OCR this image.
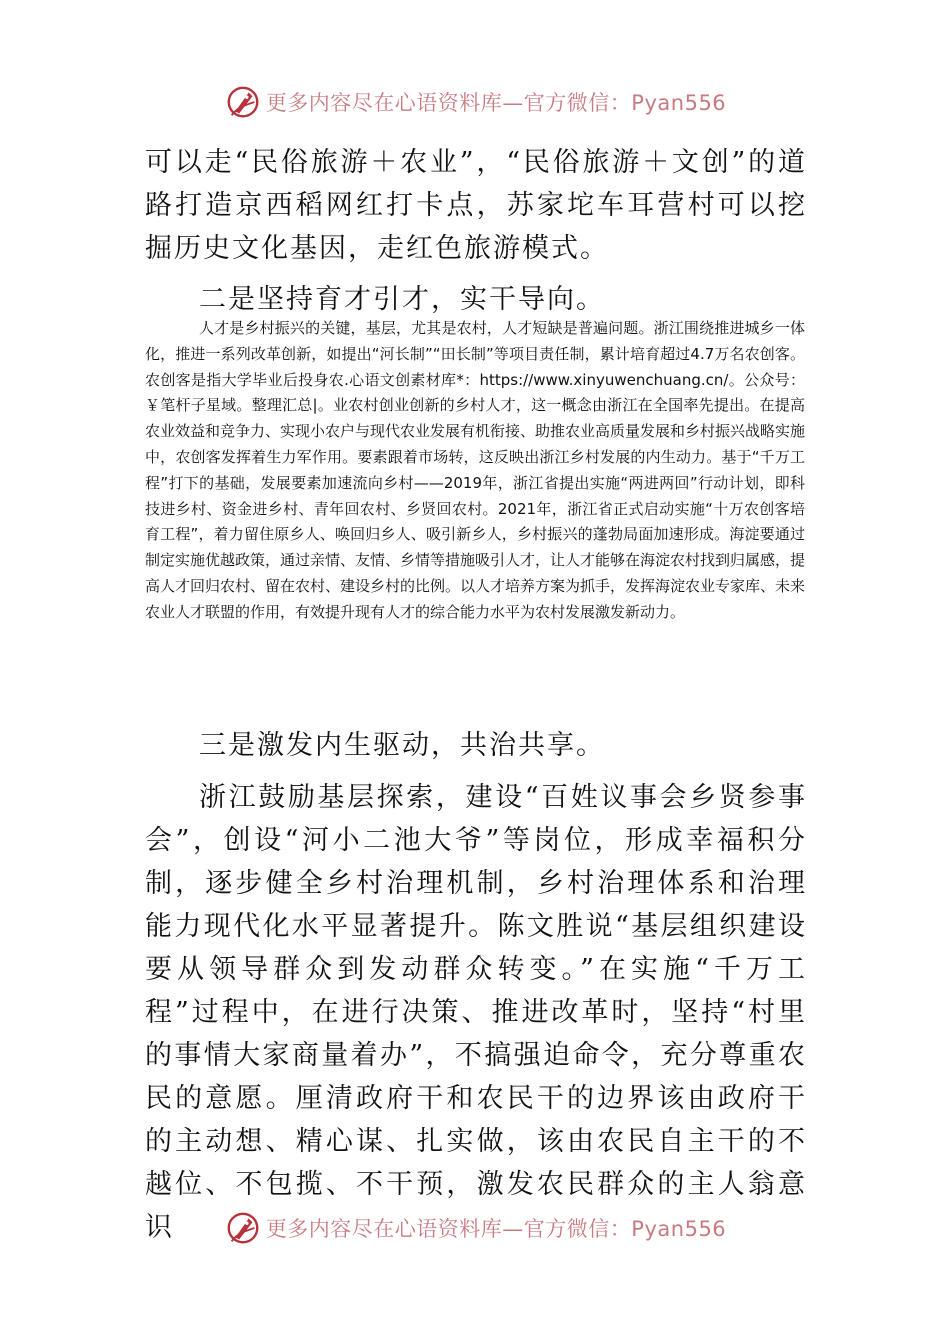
更多内容尽在心语资料库—官方微信：Pyan556

可以走“民俗旅游＋农业”，“民俗旅游＋文创”的道路打造京西稻网红打卡点，苏家坨车耳营村可以挖掘历史文化基因，走红色旅游模式。

二是坚持育才引才，实干导向。

人才是乡村振兴的关键，基层，尤其是农村，人才短缺是普遍问题。浙江围绕推进城乡一体化，推进一系列改革创新，如提出“河长制”“田长制”等项目责任制，累计培育超过4.7万名农创客。农创客是指大学毕业后投身农.心语文创素材库*：https://www.xinyuwenchuang.cn/。公众号：￥笔杆子星域。整理汇总|。业农村创业创新的乡村人才，这一概念由浙江在全国率先提出。在提高农业效益和竞争力、实现小农户与现代农业发展有机衔接、助推农业高质量发展和乡村振兴战略实施中，农创客发挥着生力军作用。要素跟着市场转，这反映出浙江乡村发展的内生动力。基于“千万工程”打下的基础，发展要素加速流向乡村——2019年，浙江省提出实施“两进两回”行动计划，即科技进乡村、资金进乡村、青年回农村、乡贤回农村。2021年，浙江省正式启动实施“十万农创客培育工程”，着力留住原乡人、唤回归乡人、吸引新乡人，乡村振兴的蓬勃局面加速形成。海淀要通过制定实施优越政策，通过亲情、友情、乡情等措施吸引人才，让人才能够在海淀农村找到归属感，提高人才回归农村、留在农村、建设乡村的比例。以人才培养方案为抓手，发挥海淀农业专家库、未来农业人才联盟的作用，有效提升现有人才的综合能力水平为农村发展激发新动力。

三是激发内生驱动，共治共享。

浙江鼓励基层探索，建设“百姓议事会乡贤参事会”，创设“河小二池大爷”等岗位，形成幸福积分制，逐步健全乡村治理机制，乡村治理体系和治理能力现代化水平显著提升。陈文胜说“基层组织建设要从领导群众到发动群众转变。”在实施“千万工程”过程中，在进行决策、推进改革时，坚持“村里的事情大家商量着办”，不搞强迫命令，充分尊重农民的意愿。厘清政府干和农民干的边界该由政府干的主动想、精心谋、扎实做，该由农民自主干的不越位、不包揽、不干预，激发农民群众的主人翁意识	更多内容尽在心语资料库—官方微信：Pyan556
